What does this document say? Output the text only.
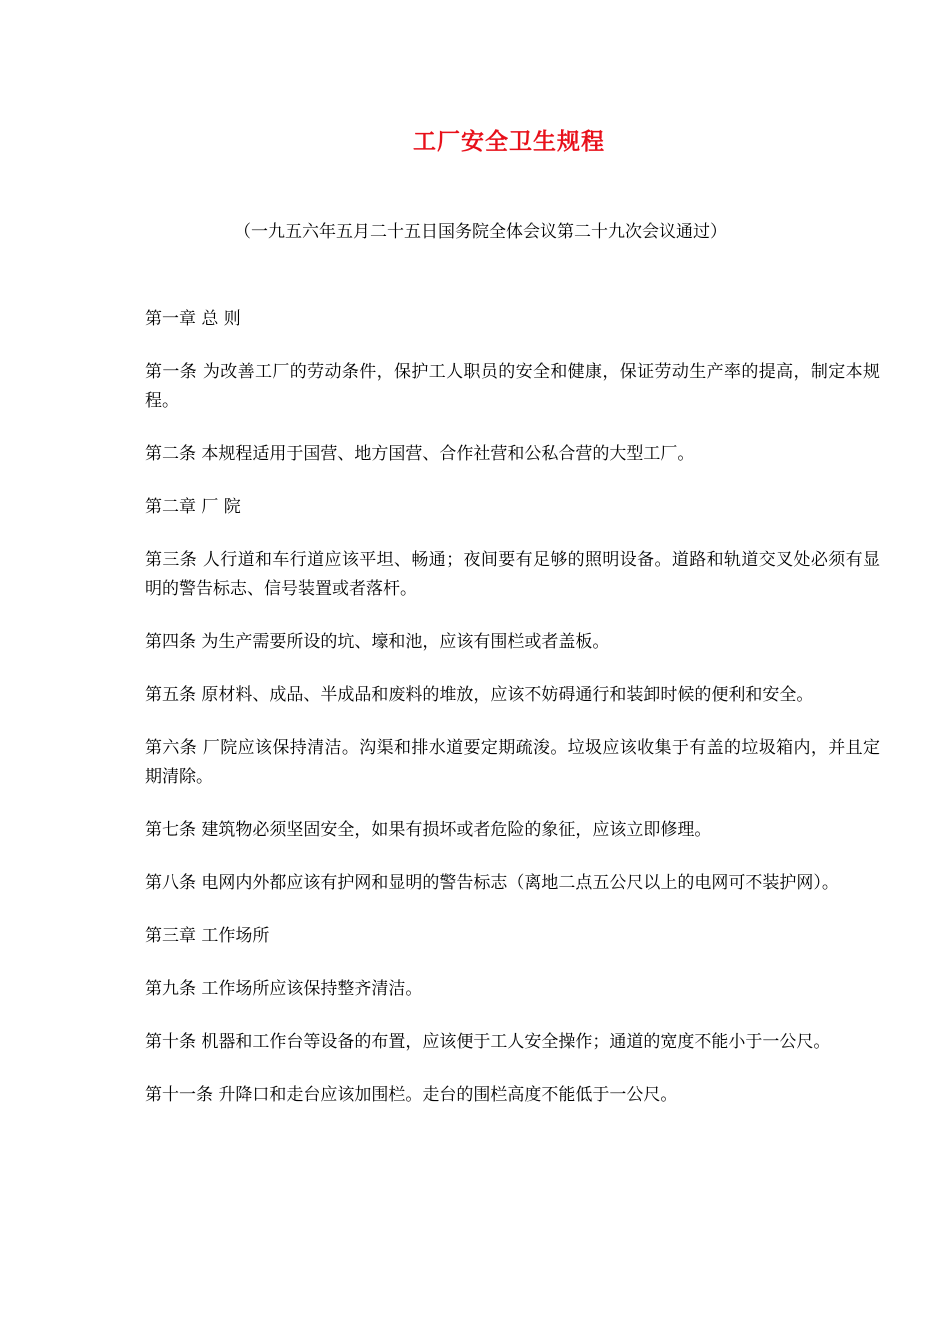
工厂安全卫生规程
（一九五六年五月二十五日国务院全体会议第二十九次会议通过）

第一章 总 则

第一条 为改善工厂的劳动条件，保护工人职员的安全和健康，保证劳动生产率的提高，制定本规程。

第二条 本规程适用于国营、地方国营、合作社营和公私合营的大型工厂。

第二章 厂 院

第三条 人行道和车行道应该平坦、畅通；夜间要有足够的照明设备。道路和轨道交叉处必须有显明的警告标志、信号装置或者落杆。

第四条 为生产需要所设的坑、壕和池，应该有围栏或者盖板。

第五条 原材料、成品、半成品和废料的堆放，应该不妨碍通行和装卸时候的便利和安全。

第六条 厂院应该保持清洁。沟渠和排水道要定期疏浚。垃圾应该收集于有盖的垃圾箱内，并且定期清除。

第七条 建筑物必须坚固安全，如果有损坏或者危险的象征，应该立即修理。

第八条 电网内外都应该有护网和显明的警告标志（离地二点五公尺以上的电网可不装护网）。

第三章 工作场所

第九条 工作场所应该保持整齐清洁。

第十条 机器和工作台等设备的布置，应该便于工人安全操作；通道的宽度不能小于一公尺。

第十一条 升降口和走台应该加围栏。走台的围栏高度不能低于一公尺。
